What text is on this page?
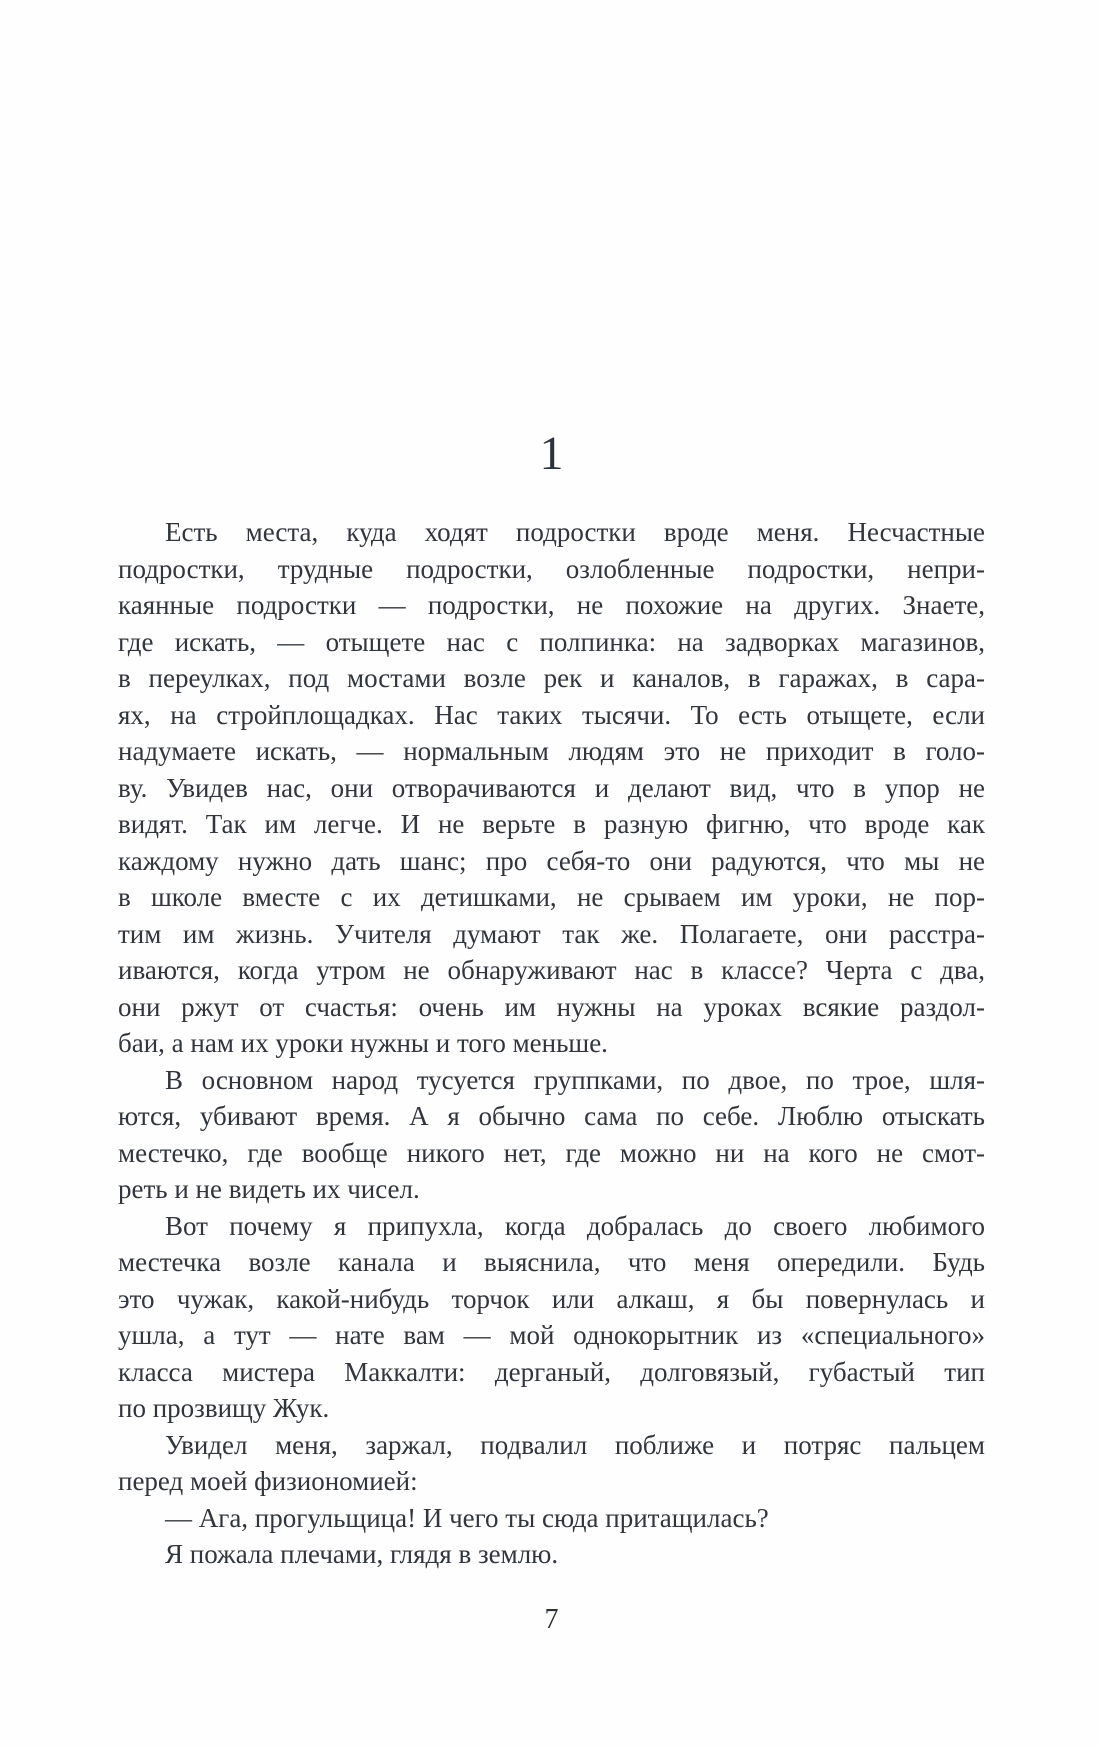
1
Есть места, куда ходят подростки вроде меня. Несчастные
подростки, трудные подростки, озлобленные подростки, непри-
каянные подростки — подростки, не похожие на других. Знаете,
где искать, — отыщете нас с полпинка: на задворках магазинов,
в переулках, под мостами возле рек и каналов, в гаражах, в сара-
ях, на стройплощадках. Нас таких тысячи. То есть отыщете, если
надумаете искать, — нормальным людям это не приходит в голо-
ву. Увидев нас, они отворачиваются и делают вид, что в упор не
видят. Так им легче. И не верьте в разную фигню, что вроде как
каждому нужно дать шанс; про себя-то они радуются, что мы не
в школе вместе с их детишками, не срываем им уроки, не пор-
тим им жизнь. Учителя думают так же. Полагаете, они расстра-
иваются, когда утром не обнаруживают нас в классе? Черта с два,
они ржут от счастья: очень им нужны на уроках всякие раздол-
баи, а нам их уроки нужны и того меньше.
В основном народ тусуется группками, по двое, по трое, шля-
ются, убивают время. А я обычно сама по себе. Люблю отыскать
местечко, где вообще никого нет, где можно ни на кого не смот-
реть и не видеть их чисел.
Вот почему я припухла, когда добралась до своего любимого
местечка возле канала и выяснила, что меня опередили. Будь
это чужак, какой-нибудь торчок или алкаш, я бы повернулась и
ушла, а тут — нате вам — мой однокорытник из «специального»
класса мистера Маккалти: дерганый, долговязый, губастый тип
по прозвищу Жук.
Увидел меня, заржал, подвалил поближе и потряс пальцем
перед моей физиономией:
— Ага, прогульщица! И чего ты сюда притащилась?
Я пожала плечами, глядя в землю.
7
